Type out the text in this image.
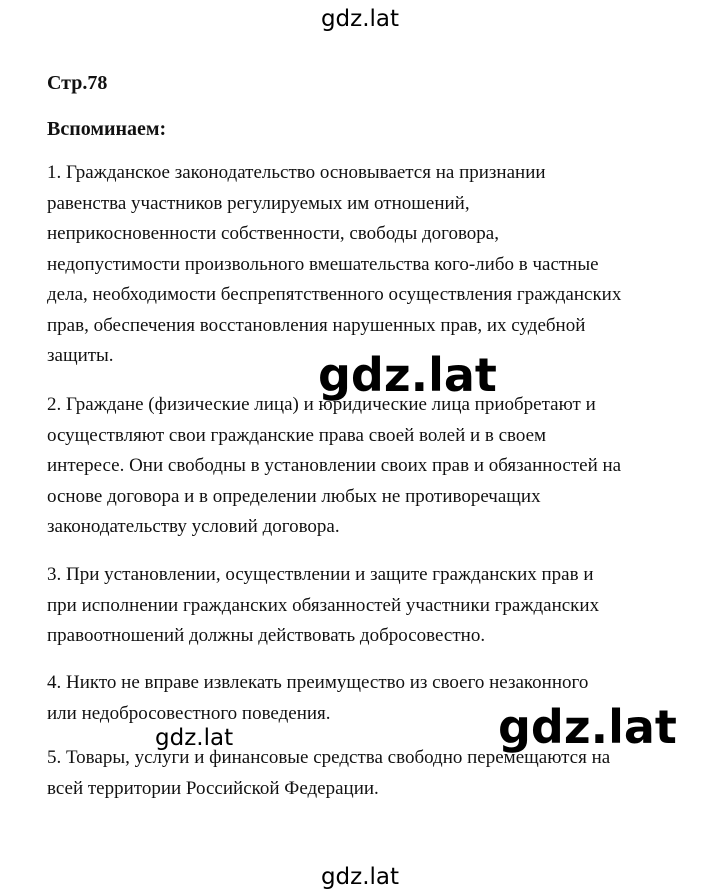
gdz.lat
Стр.78
Вспоминаем:

1. Гражданское законодательство основывается на признании
равенства участников регулируемых им отношений,
неприкосновенности собственности, свободы договора,
недопустимости произвольного вмешательства кого-либо в частные
дела, необходимости беспрепятственного осуществления гражданских
прав, обеспечения восстановления нарушенных прав, их судебной
защиты.

2. Граждане (физические лица) и юридические лица приобретают и
осуществляют свои гражданские права своей волей и в своем
интересе. Они свободны в установлении своих прав и обязанностей на
основе договора и в определении любых не противоречащих
законодательству условий договора.

3. При установлении, осуществлении и защите гражданских прав и
при исполнении гражданских обязанностей участники гражданских
правоотношений должны действовать добросовестно.

4. Никто не вправе извлекать преимущество из своего незаконного
или недобросовестного поведения.

5. Товары, услуги и финансовые средства свободно перемещаются на
всей территории Российской Федерации.

gdz.lat
gdz.lat
gdz.lat
gdz.lat
